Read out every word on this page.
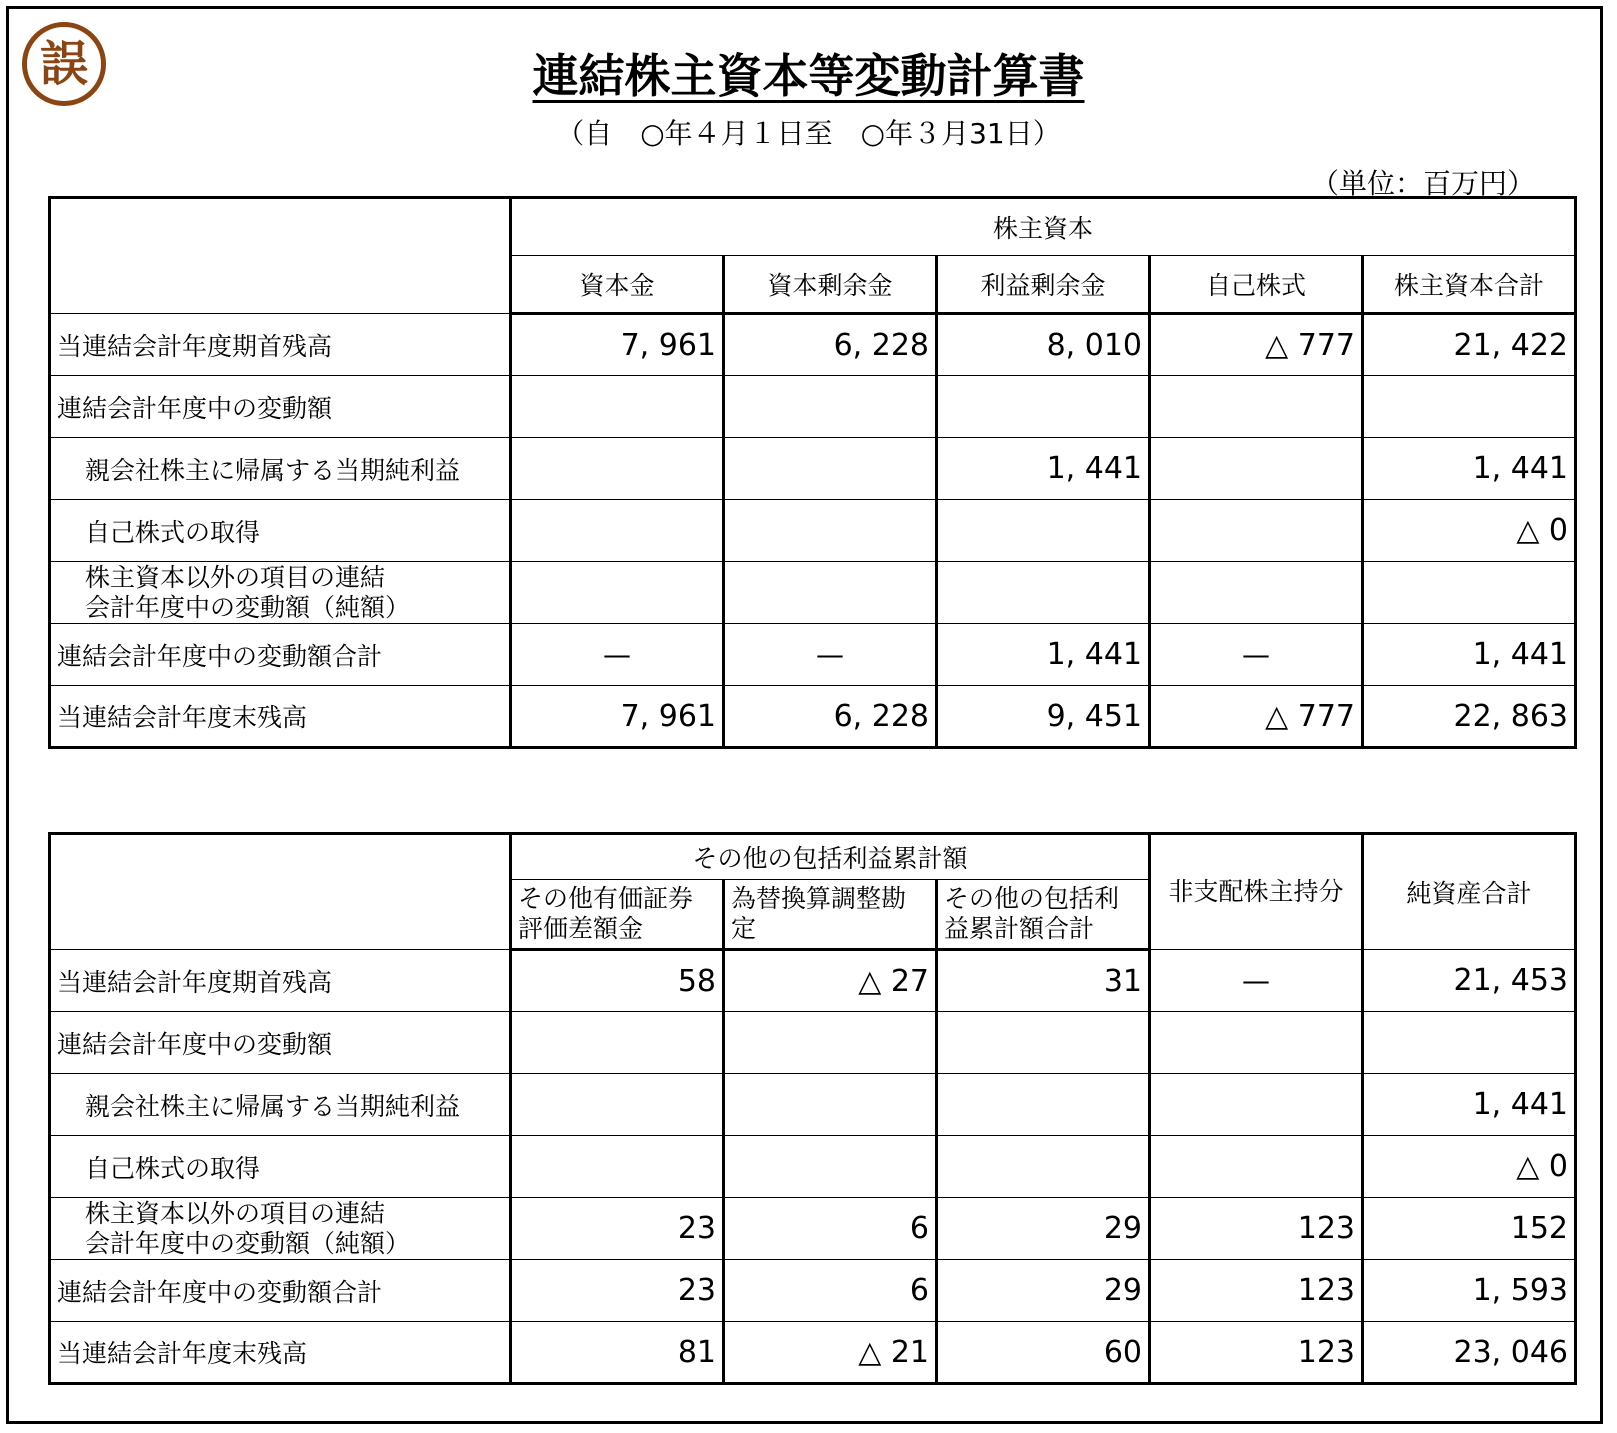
誤	連結株主資本等変動計算書
（自　○年４月１日至　○年３月31日）
（単位：百万円）
	株主資本				
	資本金	資本剰余金	利益剰余金	自己株式	株主資本合計
当連結会計年度期首残高	7, 961	6, 228	8, 010	△ 777	21, 422
連結会計年度中の変動額					
親会社株主に帰属する当期純利益			1, 441		1, 441
自己株式の取得					△ 0

株主資本以外の項目の連結
会計年度中の変動額（純額）					

連結会計年度中の変動額合計	—	—	1, 441	—	1, 441
当連結会計年度末残高	7, 961	6, 228	9, 451	△ 777	22, 863
	その他の包括利益累計額			非支配株主持分	純資産合計
	その他有価証券評価差額金	為替換算調整勘定	その他の包括利益累計額合計		
当連結会計年度期首残高	58	△ 27	31	—	21, 453
連結会計年度中の変動額					
親会社株主に帰属する当期純利益					1, 441
自己株式の取得					△ 0

株主資本以外の項目の連結
会計年度中の変動額（純額）	23	6	29	123	152
連結会計年度中の変動額合計	23	6	29	123	1, 593
当連結会計年度末残高	81	△ 21	60	123	23, 046
